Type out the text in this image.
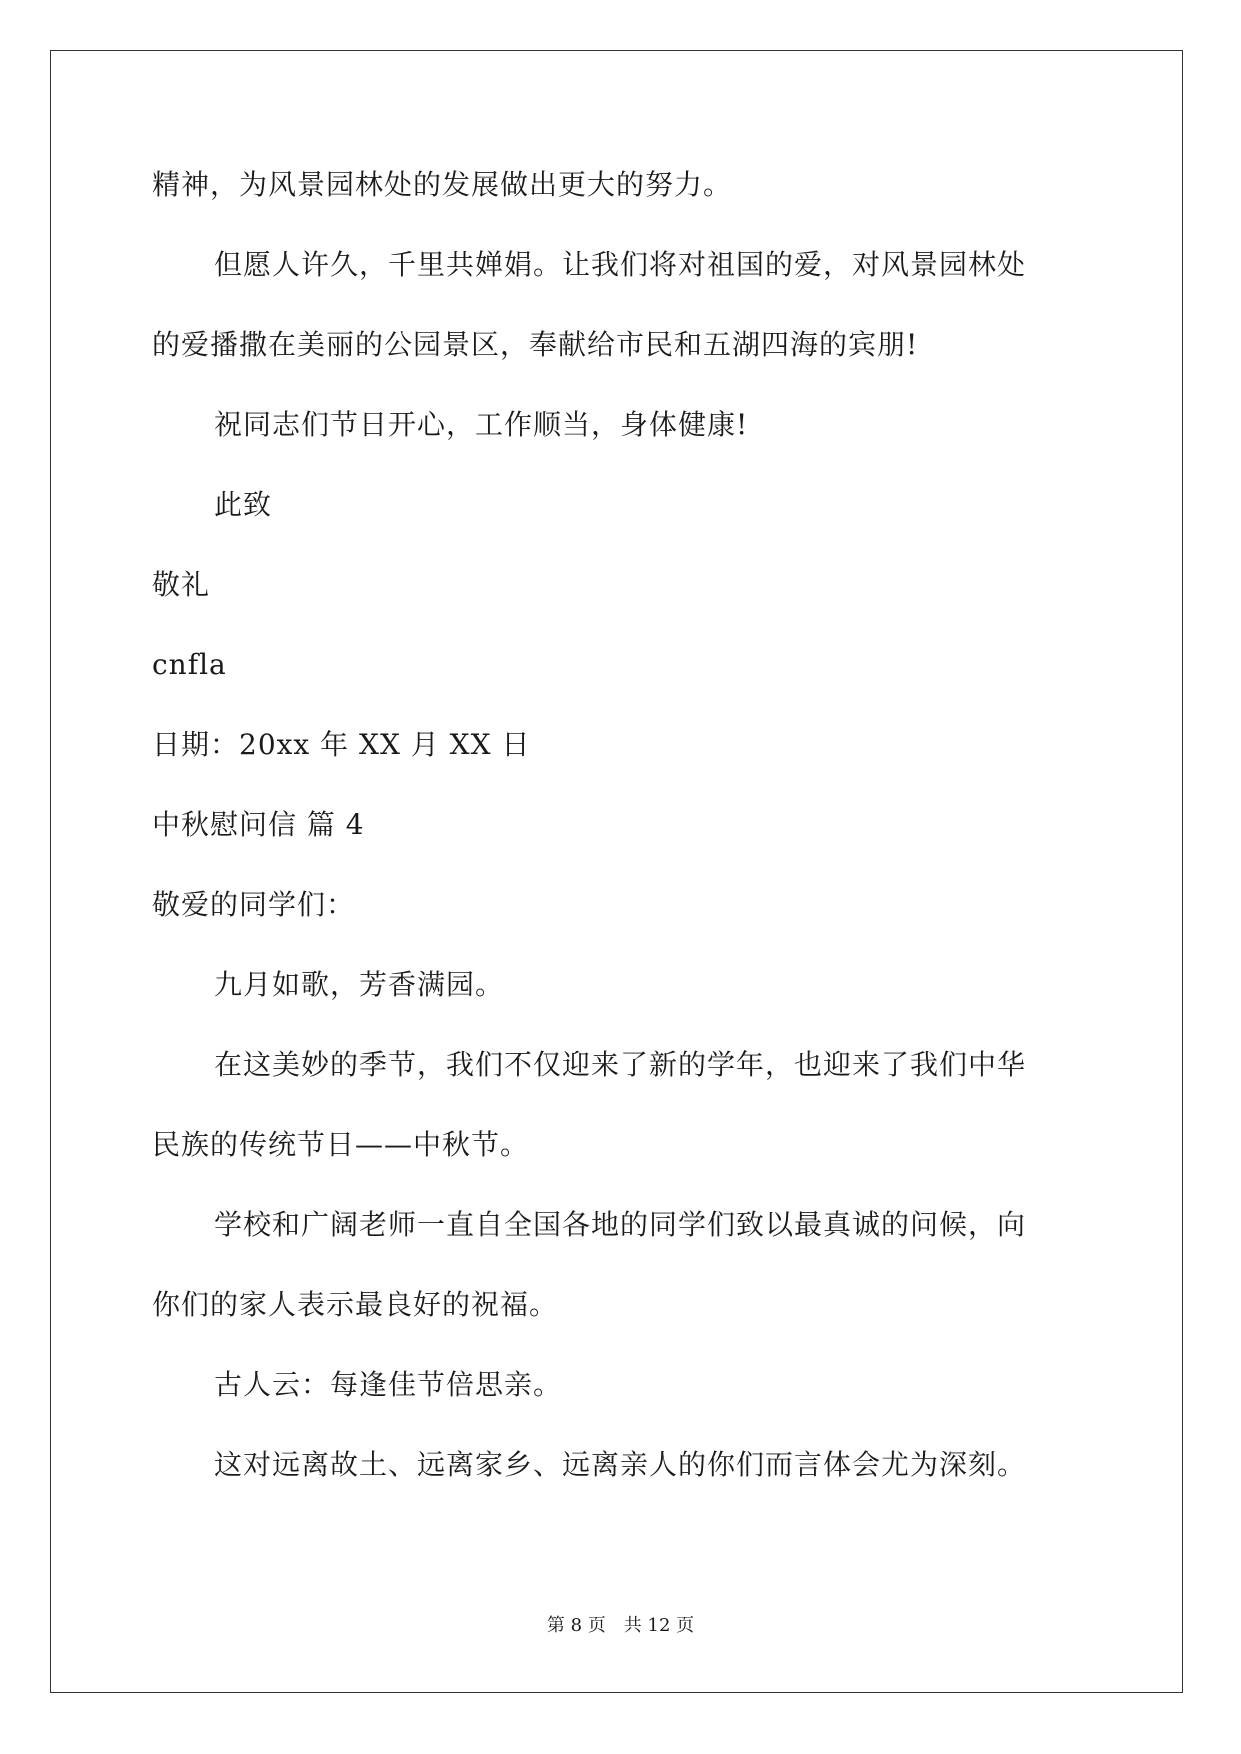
精神，为风景园林处的发展做出更大的努力。
但愿人许久，千里共婵娟。让我们将对祖国的爱，对风景园林处
的爱播撒在美丽的公园景区，奉献给市民和五湖四海的宾朋!
祝同志们节日开心，工作顺当，身体健康!
此致
敬礼
cnfla
日期：20xx 年 XX 月 XX 日
中秋慰问信 篇 4
敬爱的同学们：
九月如歌，芳香满园。
在这美妙的季节，我们不仅迎来了新的学年，也迎来了我们中华
民族的传统节日——中秋节。
学校和广阔老师一直自全国各地的同学们致以最真诚的问候，向
你们的家人表示最良好的祝福。
古人云：每逢佳节倍思亲。
这对远离故土、远离家乡、远离亲人的你们而言体会尤为深刻。
第 8 页 共 12 页
